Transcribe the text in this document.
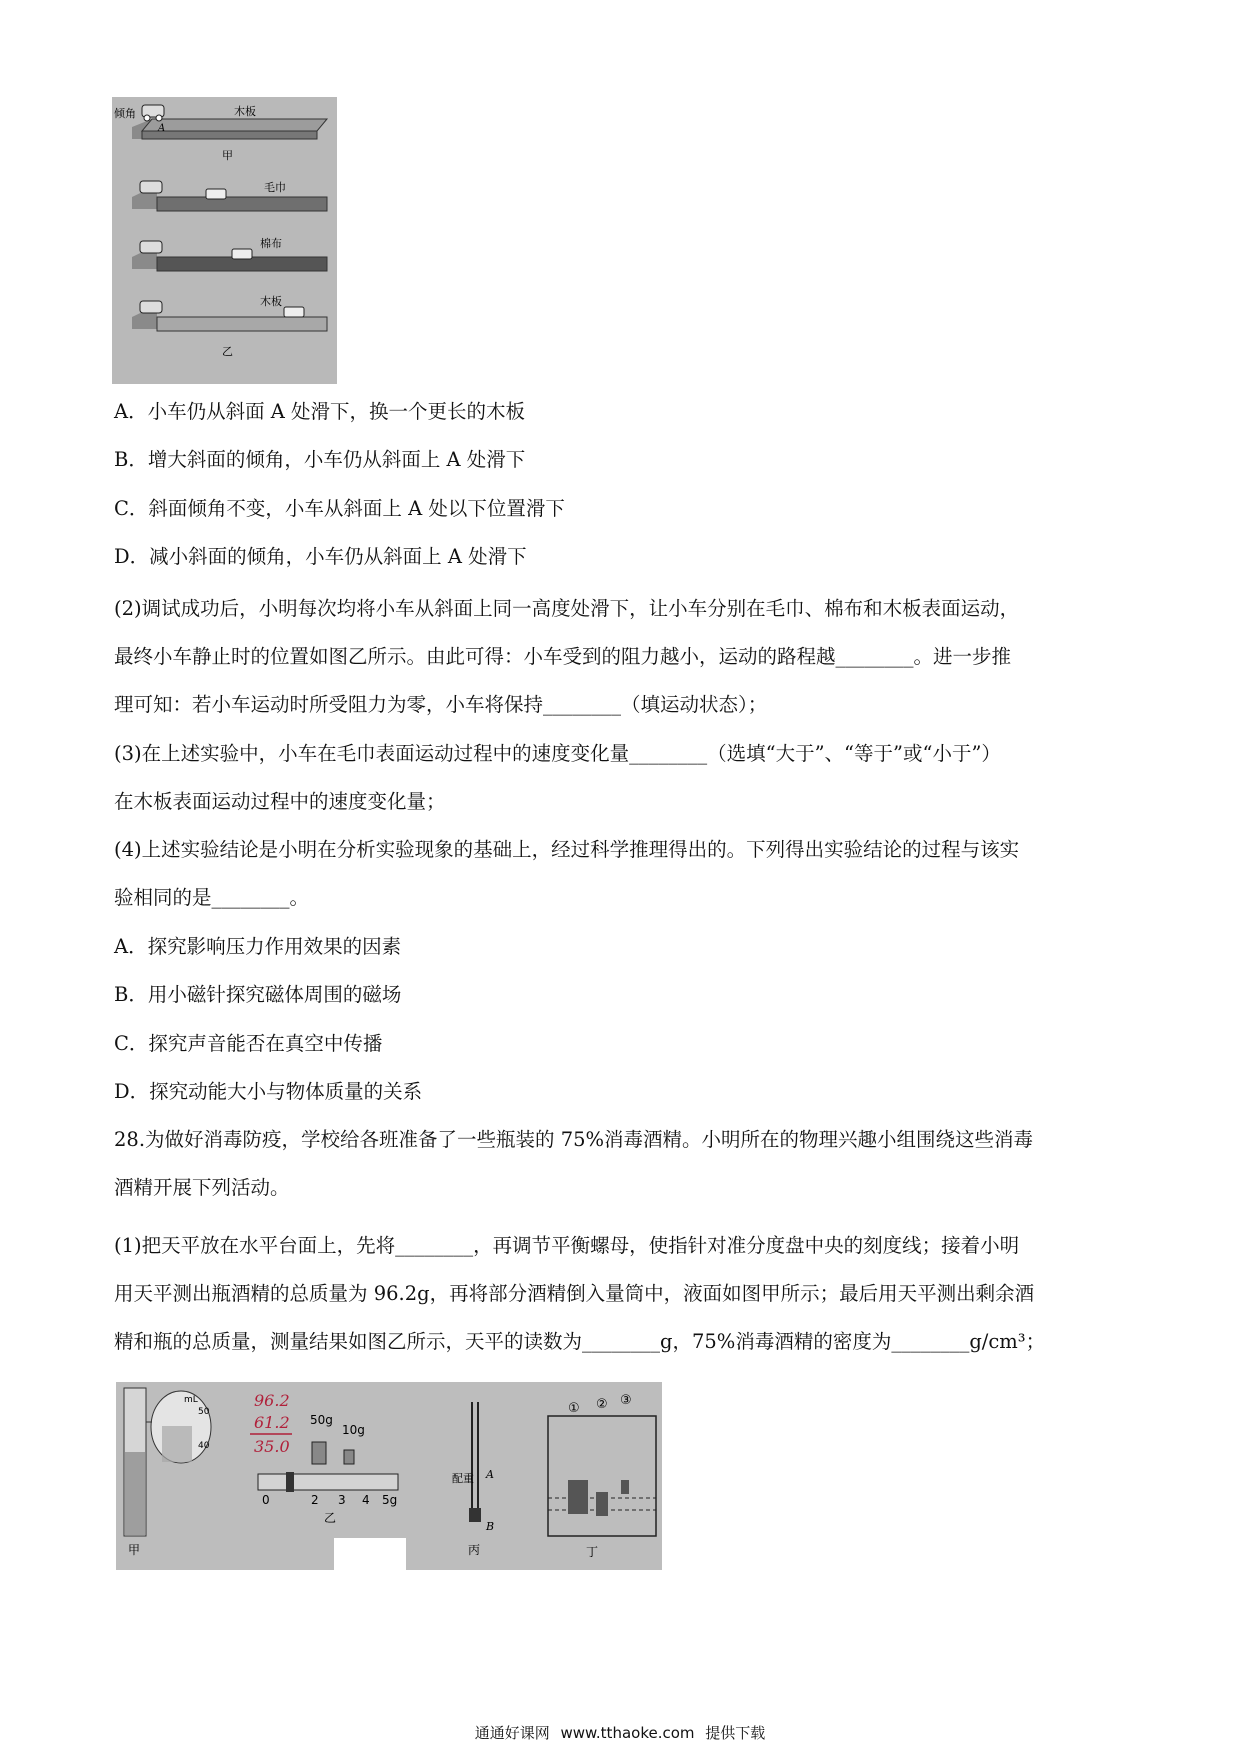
倾角
A
木板
甲
毛巾
棉布
木板
乙
A．小车仍从斜面 A 处滑下，换一个更长的木板
B．增大斜面的倾角，小车仍从斜面上 A 处滑下
C．斜面倾角不变，小车从斜面上 A 处以下位置滑下
D．减小斜面的倾角，小车仍从斜面上 A 处滑下
(2)调试成功后，小明每次均将小车从斜面上同一高度处滑下，让小车分别在毛巾、棉布和木板表面运动，
最终小车静止时的位置如图乙所示。由此可得：小车受到的阻力越小，运动的路程越________。进一步推
理可知：若小车运动时所受阻力为零，小车将保持________（填运动状态）；
(3)在上述实验中，小车在毛巾表面运动过程中的速度变化量________（选填“大于”、“等于”或“小于”）
在木板表面运动过程中的速度变化量；
(4)上述实验结论是小明在分析实验现象的基础上，经过科学推理得出的。下列得出实验结论的过程与该实
验相同的是________。
A．探究影响压力作用效果的因素
B．用小磁针探究磁体周围的磁场
C．探究声音能否在真空中传播
D．探究动能大小与物体质量的关系
28.为做好消毒防疫，学校给各班准备了一些瓶装的 75%消毒酒精。小明所在的物理兴趣小组围绕这些消毒
酒精开展下列活动。
(1)把天平放在水平台面上，先将________，再调节平衡螺母，使指针对准分度盘中央的刻度线；接着小明
用天平测出瓶酒精的总质量为 96.2g，再将部分酒精倒入量筒中，液面如图甲所示；最后用天平测出剩余酒
精和瓶的总质量，测量结果如图乙所示，天平的读数为________g，75%消毒酒精的密度为________g/cm³；
mL
50
40
甲
96.2
61.2
35.0
50g
10g
0	2 3 4 5g
乙
配重 A
B
丙
① ② ③
丁
通通好课网 www.tthaoke.com 提供下载
